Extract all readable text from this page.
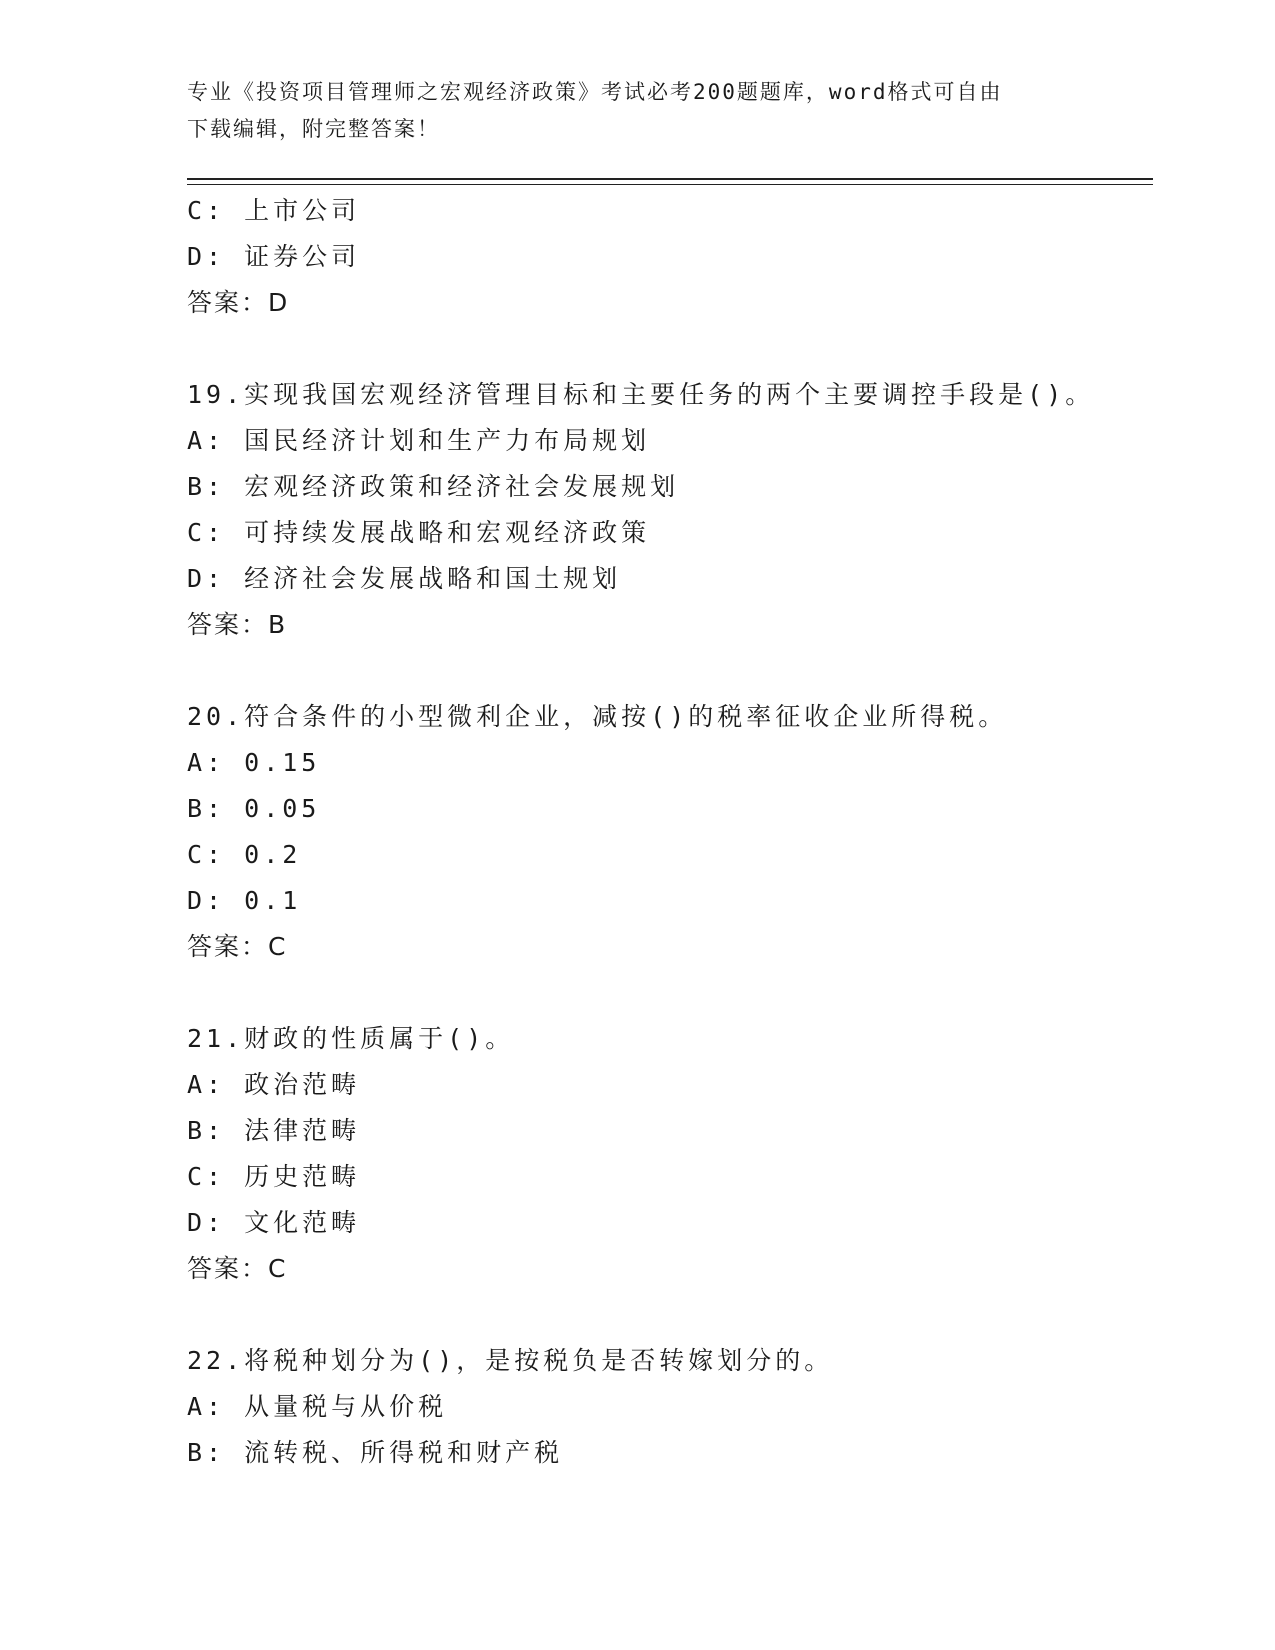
专业《投资项目管理师之宏观经济政策》考试必考200题题库，word格式可自由
下载编辑，附完整答案！
C: 上市公司
D: 证券公司
答案：D
19.实现我国宏观经济管理目标和主要任务的两个主要调控手段是()。
A: 国民经济计划和生产力布局规划
B: 宏观经济政策和经济社会发展规划
C: 可持续发展战略和宏观经济政策
D: 经济社会发展战略和国土规划
答案：B
20.符合条件的小型微利企业，减按()的税率征收企业所得税。
A: 0.15
B: 0.05
C: 0.2
D: 0.1
答案：C
21.财政的性质属于()。
A: 政治范畴
B: 法律范畴
C: 历史范畴
D: 文化范畴
答案：C
22.将税种划分为()，是按税负是否转嫁划分的。
A: 从量税与从价税
B: 流转税、所得税和财产税
